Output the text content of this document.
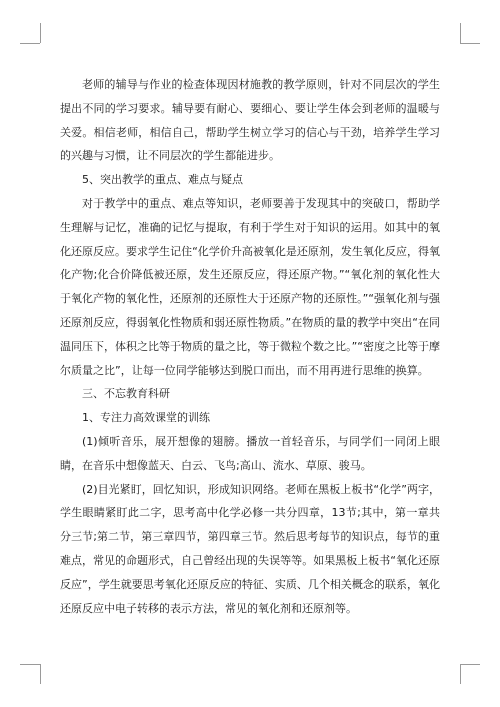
老师的辅导与作业的检查体现因材施教的教学原则，针对不同层次的学生提出不同的学习要求。辅导要有耐心、要细心、要让学生体会到老师的温暖与关爱。相信老师，相信自己，帮助学生树立学习的信心与干劲，培养学生学习的兴趣与习惯，让不同层次的学生都能进步。

5、突出教学的重点、难点与疑点

对于教学中的重点、难点等知识，老师要善于发现其中的突破口，帮助学生理解与记忆，准确的记忆与提取，有利于学生对于知识的运用。如其中的氧化还原反应。要求学生记住“化学价升高被氧化是还原剂，发生氧化反应，得氧化产物;化合价降低被还原，发生还原反应，得还原产物。”“氧化剂的氧化性大于氧化产物的氧化性，还原剂的还原性大于还原产物的还原性。”“强氧化剂与强还原剂反应，得弱氧化性物质和弱还原性物质。”在物质的量的教学中突出“在同温同压下，体积之比等于物质的量之比，等于微粒个数之比。”“密度之比等于摩尔质量之比”，让每一位同学能够达到脱口而出，而不用再进行思维的换算。

三、不忘教育科研

1、专注力高效课堂的训练

(1)倾听音乐，展开想像的翅膀。播放一首轻音乐，与同学们一同闭上眼睛，在音乐中想像蓝天、白云、飞鸟;高山、流水、草原、骏马。

(2)目光紧盯，回忆知识，形成知识网络。老师在黑板上板书“化学”两字，学生眼睛紧盯此二字，思考高中化学必修一共分四章，13节;其中，第一章共分三节;第二节，第三章四节，第四章三节。然后思考每节的知识点，每节的重难点，常见的命题形式，自己曾经出现的失误等等。如果黑板上板书“氧化还原反应”，学生就要思考氧化还原反应的特征、实质、几个相关概念的联系，氧化还原反应中电子转移的表示方法，常见的氧化剂和还原剂等。
